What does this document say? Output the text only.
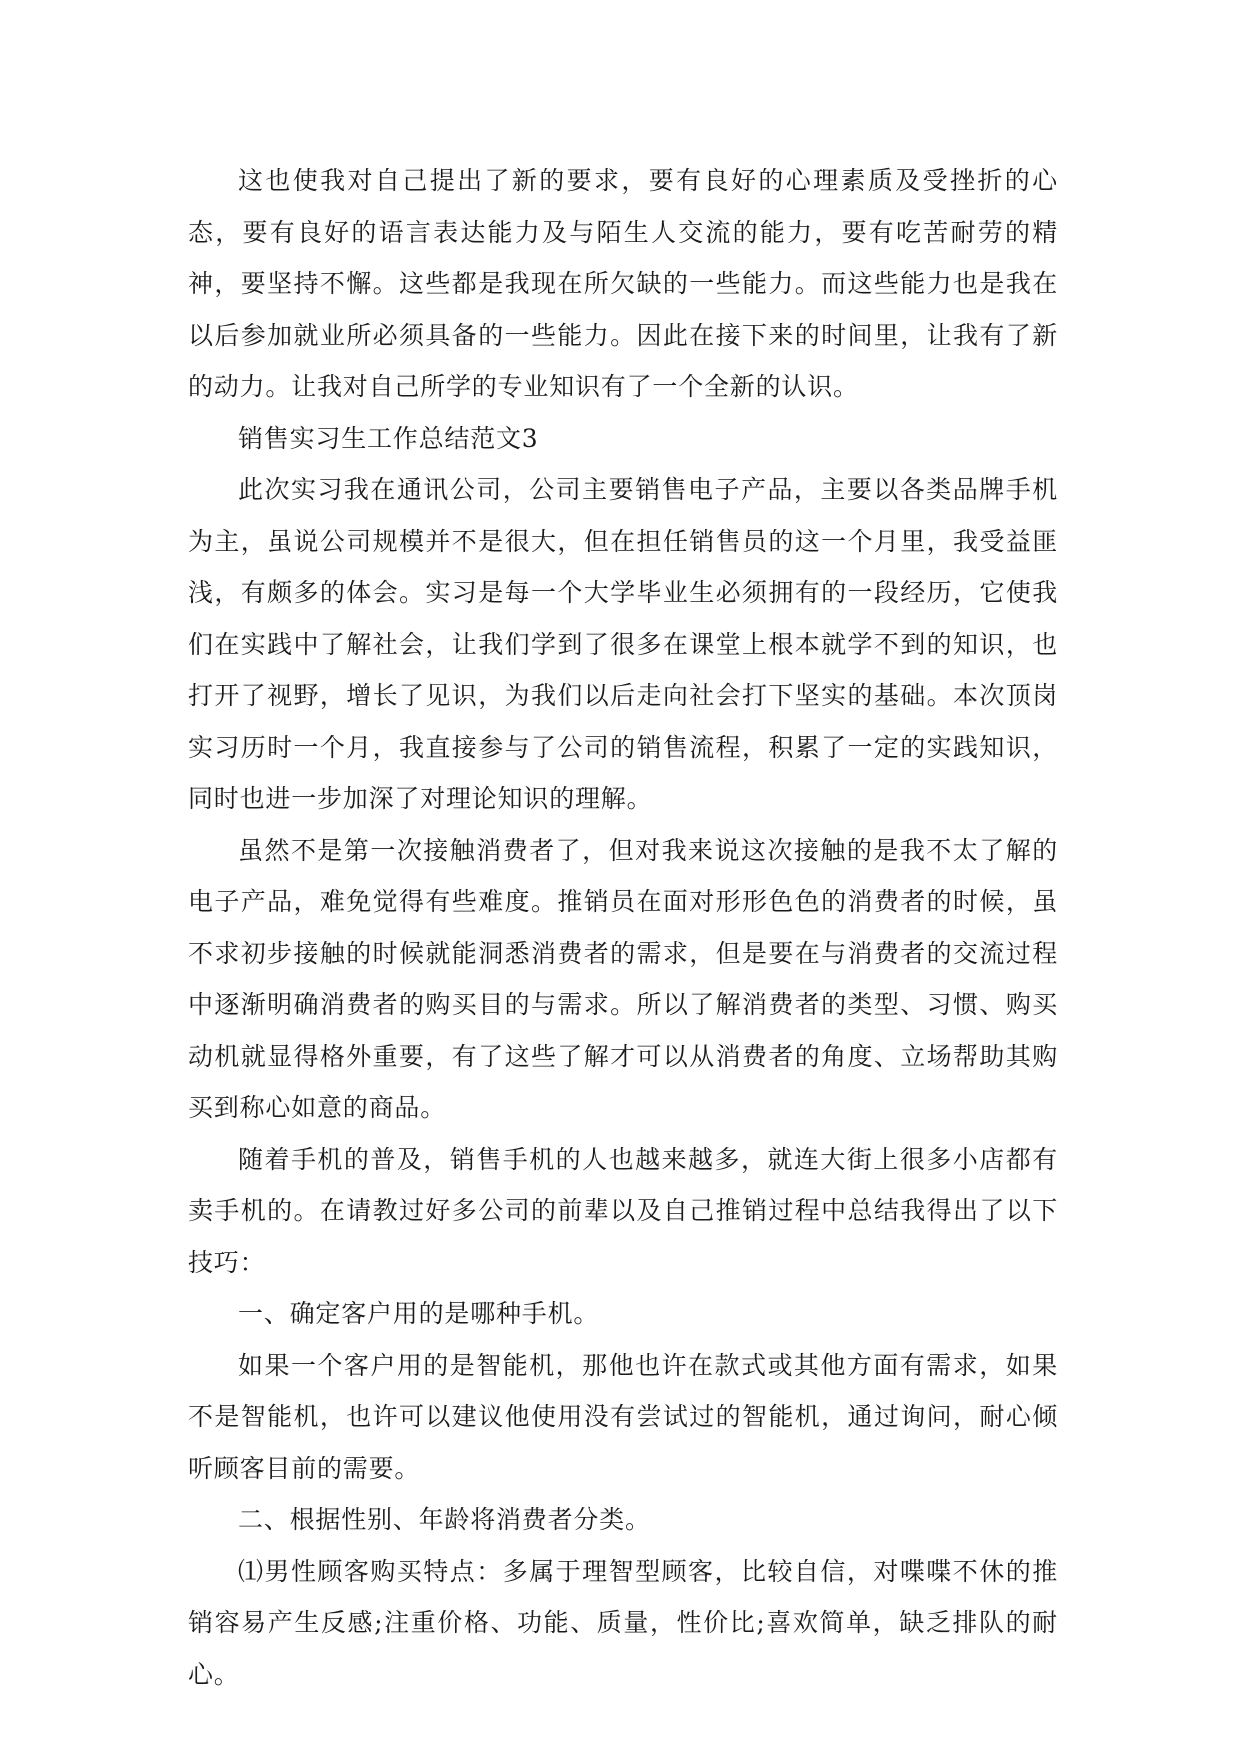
这也使我对自己提出了新的要求，要有良好的心理素质及受挫折的心态，要有良好的语言表达能力及与陌生人交流的能力，要有吃苦耐劳的精神，要坚持不懈。这些都是我现在所欠缺的一些能力。而这些能力也是我在以后参加就业所必须具备的一些能力。因此在接下来的时间里，让我有了新的动力。让我对自己所学的专业知识有了一个全新的认识。

销售实习生工作总结范文3

此次实习我在通讯公司，公司主要销售电子产品，主要以各类品牌手机为主，虽说公司规模并不是很大，但在担任销售员的这一个月里，我受益匪浅，有颇多的体会。实习是每一个大学毕业生必须拥有的一段经历，它使我们在实践中了解社会，让我们学到了很多在课堂上根本就学不到的知识，也打开了视野，增长了见识，为我们以后走向社会打下坚实的基础。本次顶岗实习历时一个月，我直接参与了公司的销售流程，积累了一定的实践知识，同时也进一步加深了对理论知识的理解。

虽然不是第一次接触消费者了，但对我来说这次接触的是我不太了解的电子产品，难免觉得有些难度。推销员在面对形形色色的消费者的时候，虽不求初步接触的时候就能洞悉消费者的需求，但是要在与消费者的交流过程中逐渐明确消费者的购买目的与需求。所以了解消费者的类型、习惯、购买动机就显得格外重要，有了这些了解才可以从消费者的角度、立场帮助其购买到称心如意的商品。

随着手机的普及，销售手机的人也越来越多，就连大街上很多小店都有卖手机的。在请教过好多公司的前辈以及自己推销过程中总结我得出了以下技巧：

一、确定客户用的是哪种手机。

如果一个客户用的是智能机，那他也许在款式或其他方面有需求，如果不是智能机，也许可以建议他使用没有尝试过的智能机，通过询问，耐心倾听顾客目前的需要。

二、根据性别、年龄将消费者分类。

⑴男性顾客购买特点：多属于理智型顾客，比较自信，对喋喋不休的推销容易产生反感;注重价格、功能、质量，性价比;喜欢简单，缺乏排队的耐心。
